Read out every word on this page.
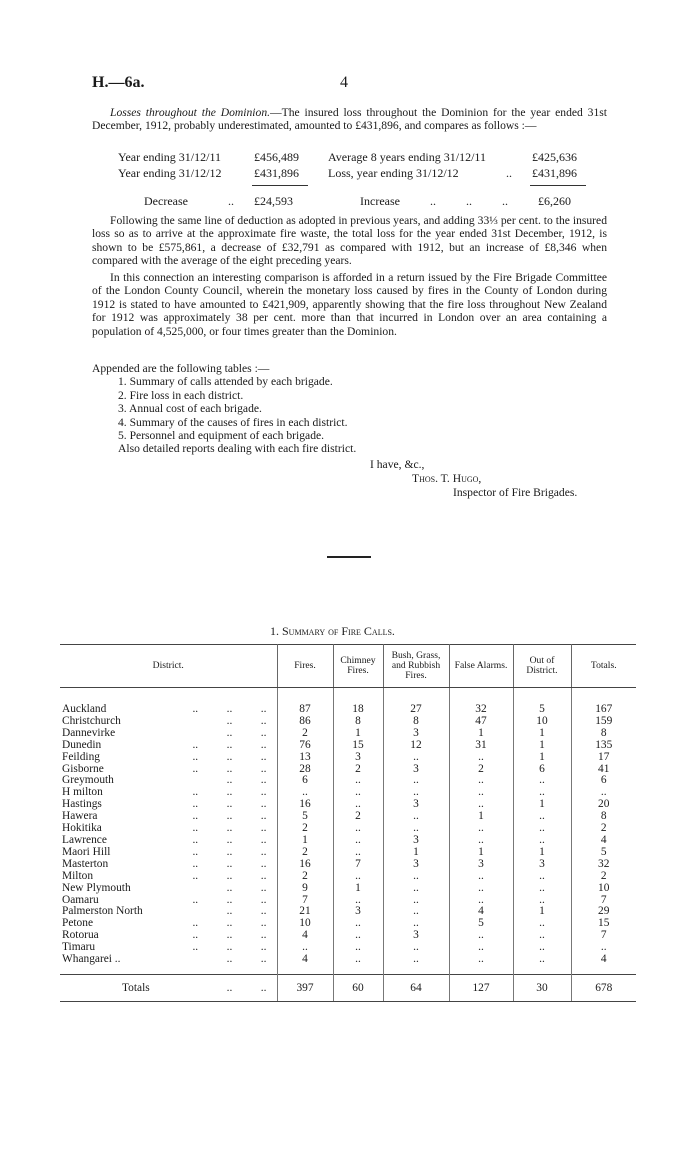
H.—6a.	4
Losses throughout the Dominion.—The insured loss throughout the Dominion for the year ended 31st December, 1912, probably underestimated, amounted to £431,896, and compares as follows :—
Year ending 31/12/11	£456,489 Average 8 years ending 31/12/11	£425,636
Year ending 31/12/12	£431,896 Loss, year ending 31/12/12	.. £431,896
Decrease	.. £24,593	Increase	..          ..          ..	£6,260
Following the same line of deduction as adopted in previous years, and adding 33⅓ per cent. to the insured loss so as to arrive at the approximate fire waste, the total loss for the year ended 31st December, 1912, is shown to be £575,861, a decrease of £32,791 as compared with 1912, but an increase of £8,346 when compared with the average of the eight preceding years.
In this connection an interesting comparison is afforded in a return issued by the Fire Brigade Committee of the London County Council, wherein the monetary loss caused by fires in the County of London during 1912 is stated to have amounted to £421,909, apparently showing that the fire loss throughout New Zealand for 1912 was approximately 38 per cent. more than that incurred in London over an area containing a population of 4,525,000, or four times greater than the Dominion.
Appended are the following tables :—
1. Summary of calls attended by each brigade.
2. Fire loss in each district.
3. Annual cost of each brigade.
4. Summary of the causes of fires in each district.
5. Personnel and equipment of each brigade.
Also detailed reports dealing with each fire district.
I have, &c.,
Thos. T. Hugo,
Inspector of Fire Brigades.
1. Summary of Fire Calls.
District.	Fires.	Chimney Fires.	Bush, Grass, and Rubbish Fires.	False Alarms.	Out of District.	Totals.

Auckland ..          ..          ..	87	18	27	32	5	167
Christchurch ..          ..	86	8	8	47	10	159
Dannevirke ..          ..	2	1	3	1	1	8
Dunedin ..          ..          ..	76	15	12	31	1	135
Feilding ..          ..          ..	13	3	..	..	1	17
Gisborne ..          ..          ..	28	2	3	2	6	41
Greymouth ..          ..	6	..	..	..	..	6
H milton ..          ..          ..	..	..	..	..	..	..
Hastings ..          ..          ..	16	..	3	..	1	20
Hawera ..          ..          ..	5	2	..	1	..	8
Hokitika ..          ..          ..	2	..	..	..	..	2
Lawrence ..          ..          ..	1	..	3	..	..	4
Maori Hill ..          ..          ..	2	..	1	1	1	5
Masterton ..          ..          ..	16	7	3	3	3	32
Milton ..          ..          ..	2	..	..	..	..	2
New Plymouth ..          ..	9	1	..	..	..	10
Oamaru ..          ..          ..	7	..	..	..	..	7
Palmerston North ..          ..	21	3	..	4	1	29
Petone ..          ..          ..	10	..	..	5	..	15
Rotorua ..          ..          ..	4	..	3	..	..	7
Timaru ..          ..          ..	..	..	..	..	..	..
Whangarei .. ..          ..	4	..	..	..	..	4

Totals ..          ..	397	60	64	127	30	678
